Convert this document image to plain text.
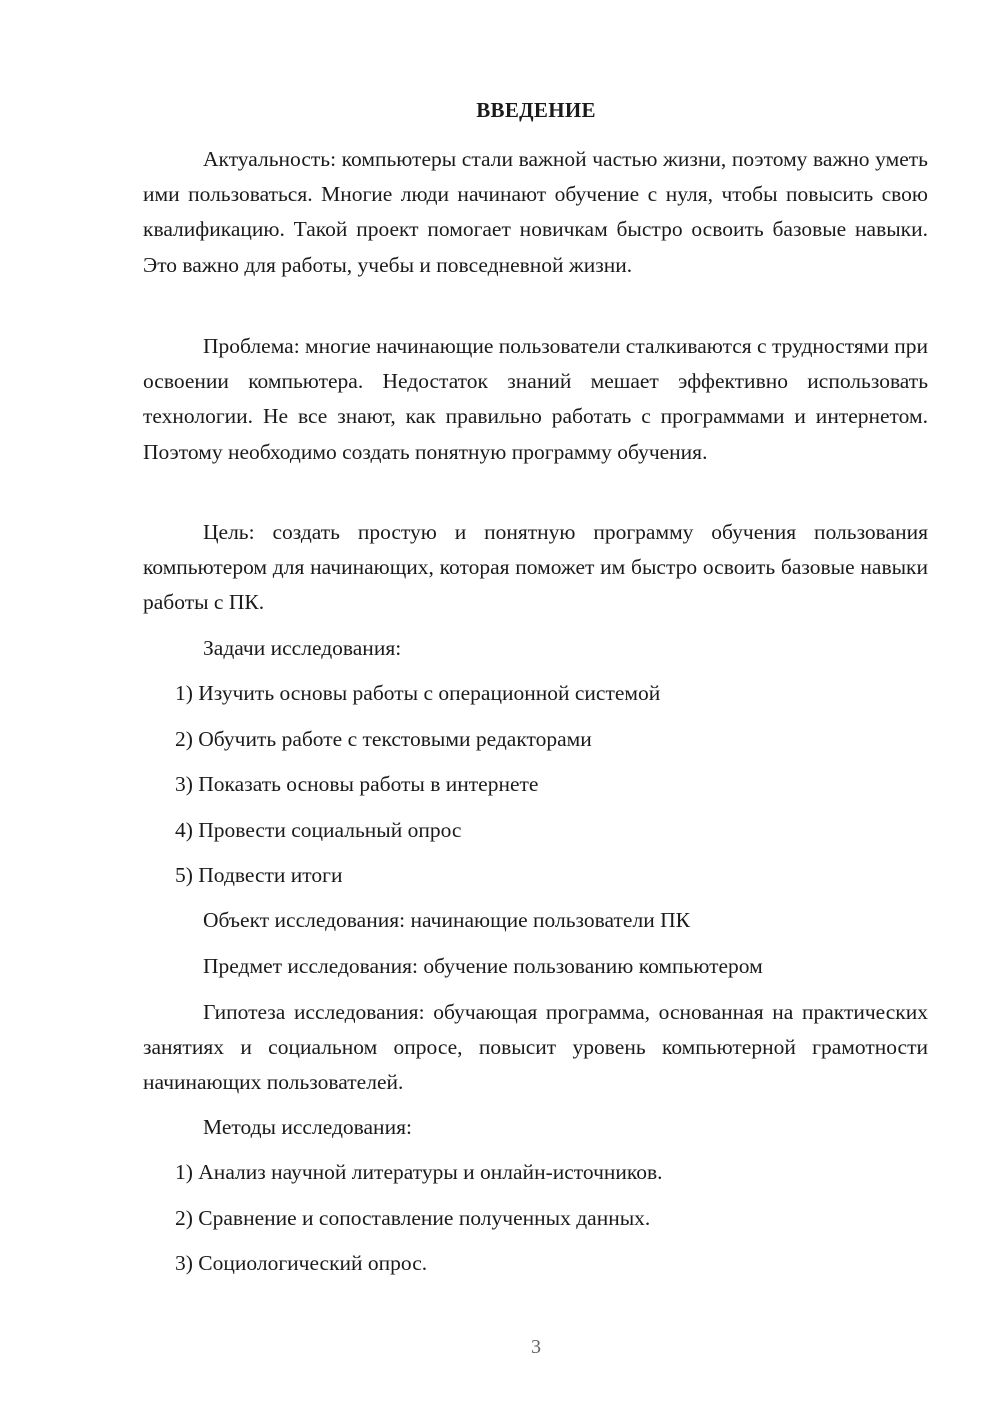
ВВЕДЕНИЕ

Актуальность: компьютеры стали важной частью жизни, поэтому важно уметь ими пользоваться. Многие люди начинают обучение с нуля, чтобы повысить свою квалификацию. Такой проект помогает новичкам быстро освоить базовые навыки. Это важно для работы, учебы и повседневной жизни.

Проблема: многие начинающие пользователи сталкиваются с трудностями при освоении компьютера. Недостаток знаний мешает эффективно использовать технологии. Не все знают, как правильно работать с программами и интернетом. Поэтому необходимо создать понятную программу обучения.

Цель: создать простую и понятную программу обучения пользования компьютером для начинающих, которая поможет им быстро освоить базовые навыки работы с ПК.

Задачи исследования:
1) Изучить основы работы с операционной системой
2) Обучить работе с текстовыми редакторами
3) Показать основы работы в интернете
4) Провести социальный опрос
5) Подвести итоги
Объект исследования: начинающие пользователи ПК
Предмет исследования: обучение пользованию компьютером

Гипотеза исследования: обучающая программа, основанная на практических занятиях и социальном опросе, повысит уровень компьютерной грамотности начинающих пользователей.

Методы исследования:
1) Анализ научной литературы и онлайн-источников.
2) Сравнение и сопоставление полученных данных.
3) Социологический опрос.
3
